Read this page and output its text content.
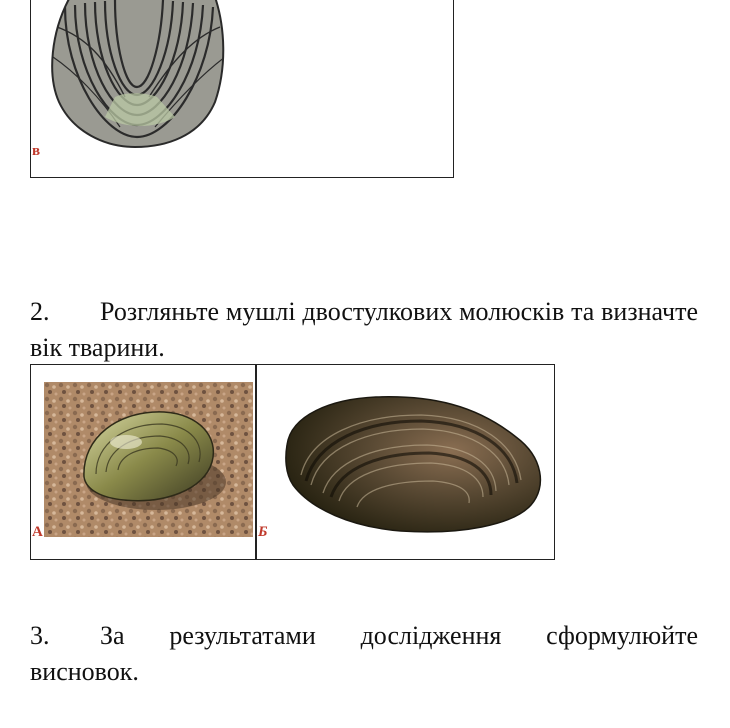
в
2. Розгляньте мушлі двостулкових молюсків та визначте вік тварини.
А	Б
3. За результатами дослідження сформулюйте висновок.
